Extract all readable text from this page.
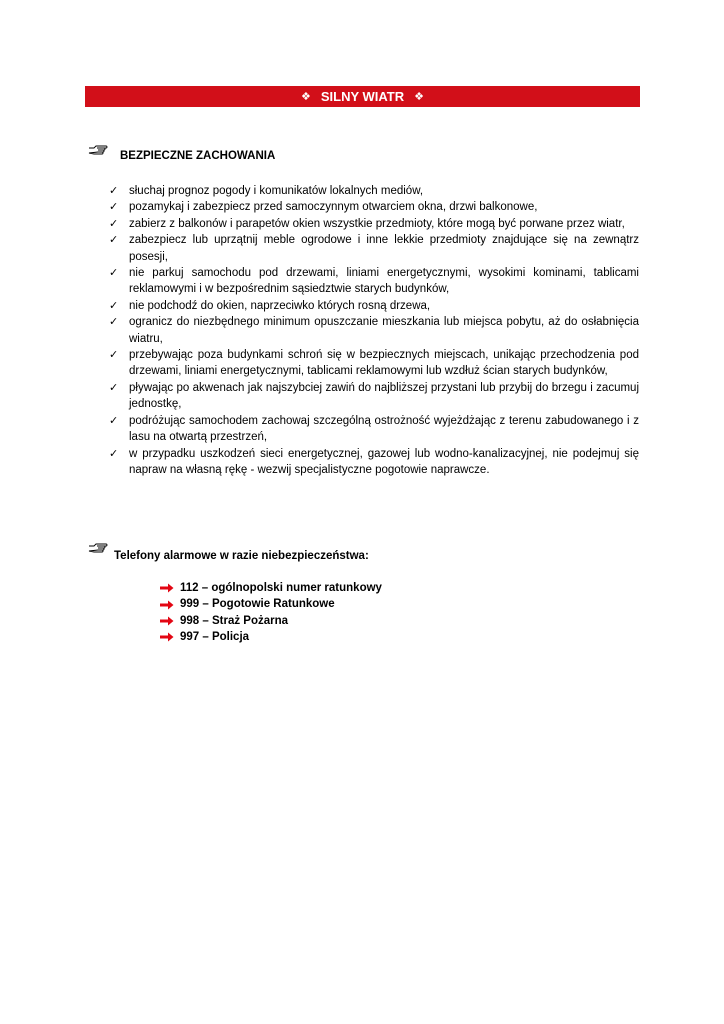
❖ SILNY WIATR ❖
BEZPIECZNE ZACHOWANIA
✓ słuchaj prognoz pogody i komunikatów lokalnych mediów,
✓ pozamykaj i zabezpiecz przed samoczynnym otwarciem okna, drzwi balkonowe,
✓ zabierz z balkonów i parapetów okien wszystkie przedmioty, które mogą być porwane przez wiatr,
✓ zabezpiecz lub uprzątnij meble ogrodowe i inne lekkie przedmioty znajdujące się na zewnątrz posesji,
✓ nie parkuj samochodu pod drzewami, liniami energetycznymi, wysokimi kominami, tablicami reklamowymi i w bezpośrednim sąsiedztwie starych budynków,
✓ nie podchodź do okien, naprzeciwko których rosną drzewa,
✓ ogranicz do niezbędnego minimum opuszczanie mieszkania lub miejsca pobytu, aż do osłabnięcia wiatru,
✓ przebywając poza budynkami schroń się w bezpiecznych miejscach, unikając przechodzenia pod drzewami, liniami energetycznymi, tablicami reklamowymi lub wzdłuż ścian starych budynków,
✓ pływając po akwenach jak najszybciej zawiń do najbliższej przystani lub przybij do brzegu i zacumuj jednostkę,
✓ podróżując samochodem zachowaj szczególną ostrożność wyjeżdżając z terenu zabudowanego i z lasu na otwartą przestrzeń,
✓ w przypadku uszkodzeń sieci energetycznej, gazowej lub wodno-kanalizacyjnej, nie podejmuj się napraw na własną rękę - wezwij specjalistyczne pogotowie naprawcze.
Telefony alarmowe w razie niebezpieczeństwa:
112 – ogólnopolski numer ratunkowy
999 – Pogotowie Ratunkowe
998 – Straż Pożarna
997 – Policja
